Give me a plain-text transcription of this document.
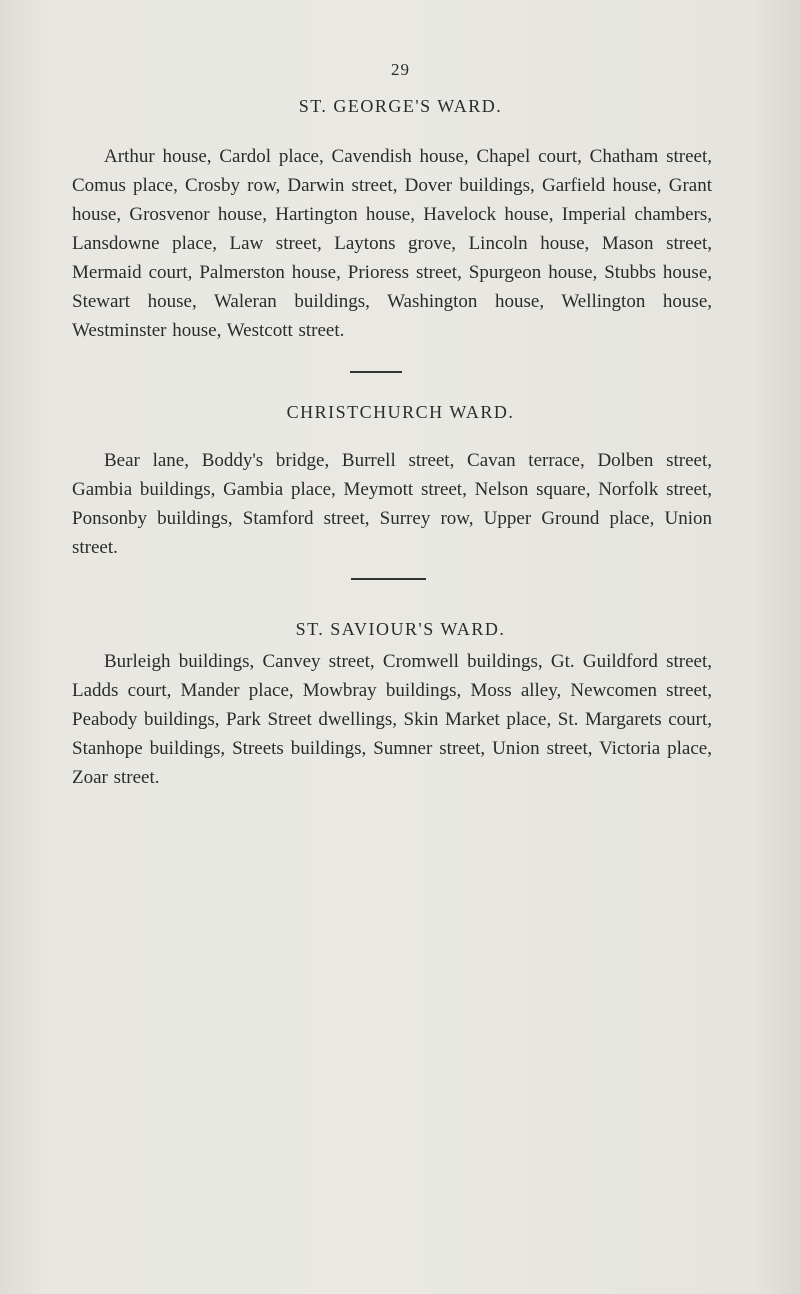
29
ST. GEORGE'S WARD.
Arthur house, Cardol place, Cavendish house, Chapel court, Chatham street, Comus place, Crosby row, Darwin street, Dover buildings, Garfield house, Grant house, Grosvenor house, Hartington house, Havelock house, Imperial chambers, Lansdowne place, Law street, Laytons grove, Lincoln house, Mason street, Mermaid court, Palmerston house, Prioress street, Spurgeon house, Stubbs house, Stewart house, Waleran buildings, Washington house, Wellington house, Westminster house, Westcott street.
CHRISTCHURCH WARD.
Bear lane, Boddy's bridge, Burrell street, Cavan terrace, Dolben street, Gambia buildings, Gambia place, Meymott street, Nelson square, Norfolk street, Ponsonby buildings, Stamford street, Surrey row, Upper Ground place, Union street.
ST. SAVIOUR'S WARD.
Burleigh buildings, Canvey street, Cromwell buildings, Gt. Guildford street, Ladds court, Mander place, Mowbray buildings, Moss alley, Newcomen street, Peabody buildings, Park Street dwellings, Skin Market place, St. Margarets court, Stanhope buildings, Streets buildings, Sumner street, Union street, Victoria place, Zoar street.
